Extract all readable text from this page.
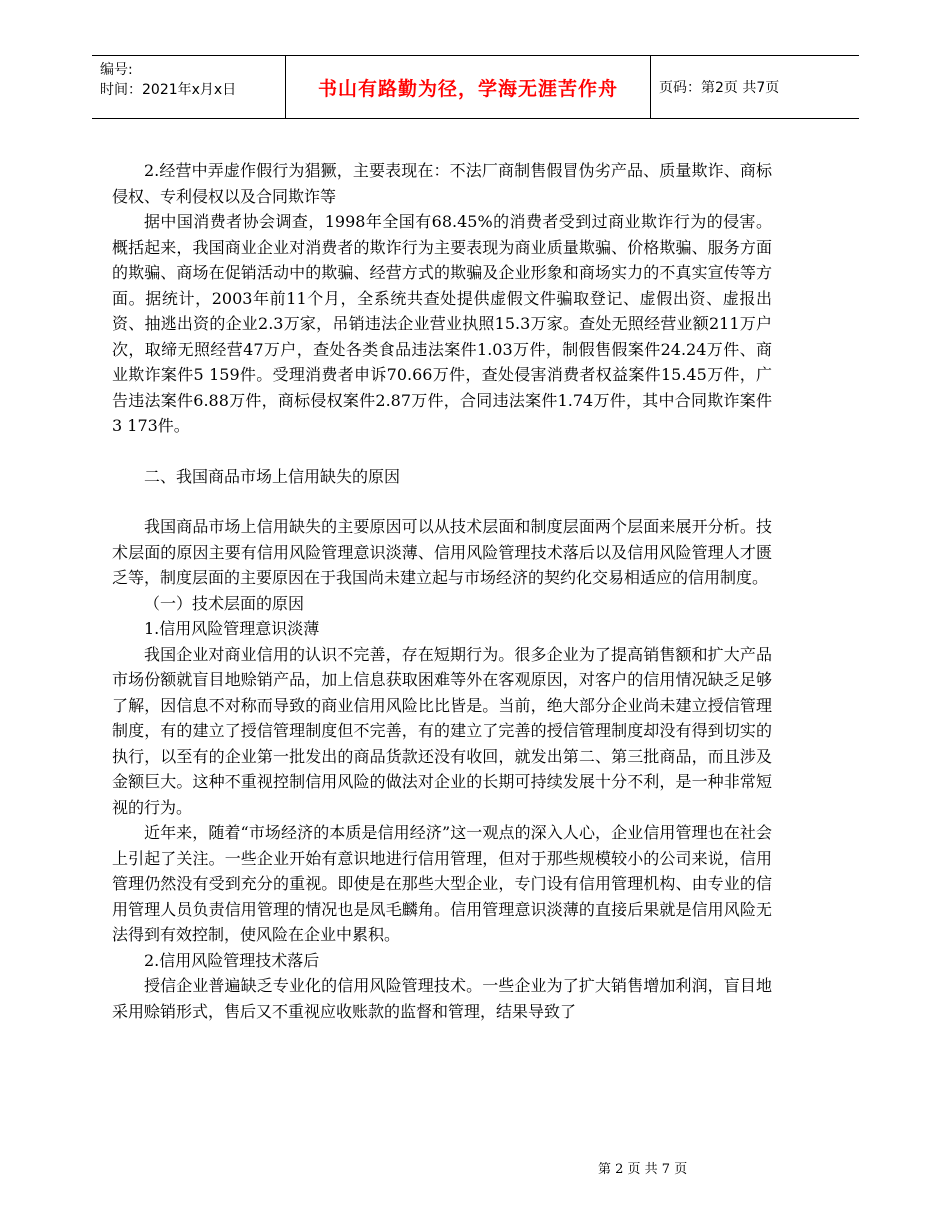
编号:
时间：2021年x月x日	书山有路勤为径，学海无涯苦作舟	页码：第2页 共7页

2.经营中弄虚作假行为猖獗，主要表现在：不法厂商制售假冒伪劣产品、质量欺诈、商标侵权、专利侵权以及合同欺诈等

据中国消费者协会调查，1998年全国有68.45%的消费者受到过商业欺诈行为的侵害。概括起来，我国商业企业对消费者的欺诈行为主要表现为商业质量欺骗、价格欺骗、服务方面的欺骗、商场在促销活动中的欺骗、经营方式的欺骗及企业形象和商场实力的不真实宣传等方面。据统计，2003年前11个月，全系统共查处提供虚假文件骗取登记、虚假出资、虚报出资、抽逃出资的企业2.3万家，吊销违法企业营业执照15.3万家。查处无照经营业额211万户次，取缔无照经营47万户，查处各类食品违法案件1.03万件，制假售假案件24.24万件、商业欺诈案件5 159件。受理消费者申诉70.66万件，查处侵害消费者权益案件15.45万件，广告违法案件6.88万件，商标侵权案件2.87万件，合同违法案件1.74万件，其中合同欺诈案件3 173件。

二、我国商品市场上信用缺失的原因

我国商品市场上信用缺失的主要原因可以从技术层面和制度层面两个层面来展开分析。技术层面的原因主要有信用风险管理意识淡薄、信用风险管理技术落后以及信用风险管理人才匮乏等，制度层面的主要原因在于我国尚未建立起与市场经济的契约化交易相适应的信用制度。

（一）技术层面的原因

1.信用风险管理意识淡薄

我国企业对商业信用的认识不完善，存在短期行为。很多企业为了提高销售额和扩大产品市场份额就盲目地赊销产品，加上信息获取困难等外在客观原因，对客户的信用情况缺乏足够了解，因信息不对称而导致的商业信用风险比比皆是。当前，绝大部分企业尚未建立授信管理制度，有的建立了授信管理制度但不完善，有的建立了完善的授信管理制度却没有得到切实的执行，以至有的企业第一批发出的商品货款还没有收回，就发出第二、第三批商品，而且涉及金额巨大。这种不重视控制信用风险的做法对企业的长期可持续发展十分不利，是一种非常短视的行为。

近年来，随着“市场经济的本质是信用经济”这一观点的深入人心，企业信用管理也在社会上引起了关注。一些企业开始有意识地进行信用管理，但对于那些规模较小的公司来说，信用管理仍然没有受到充分的重视。即使是在那些大型企业，专门设有信用管理机构、由专业的信用管理人员负责信用管理的情况也是凤毛麟角。信用管理意识淡薄的直接后果就是信用风险无法得到有效控制，使风险在企业中累积。

2.信用风险管理技术落后

授信企业普遍缺乏专业化的信用风险管理技术。一些企业为了扩大销售增加利润，盲目地采用赊销形式，售后又不重视应收账款的监督和管理，结果导致了

第 2 页 共 7 页
